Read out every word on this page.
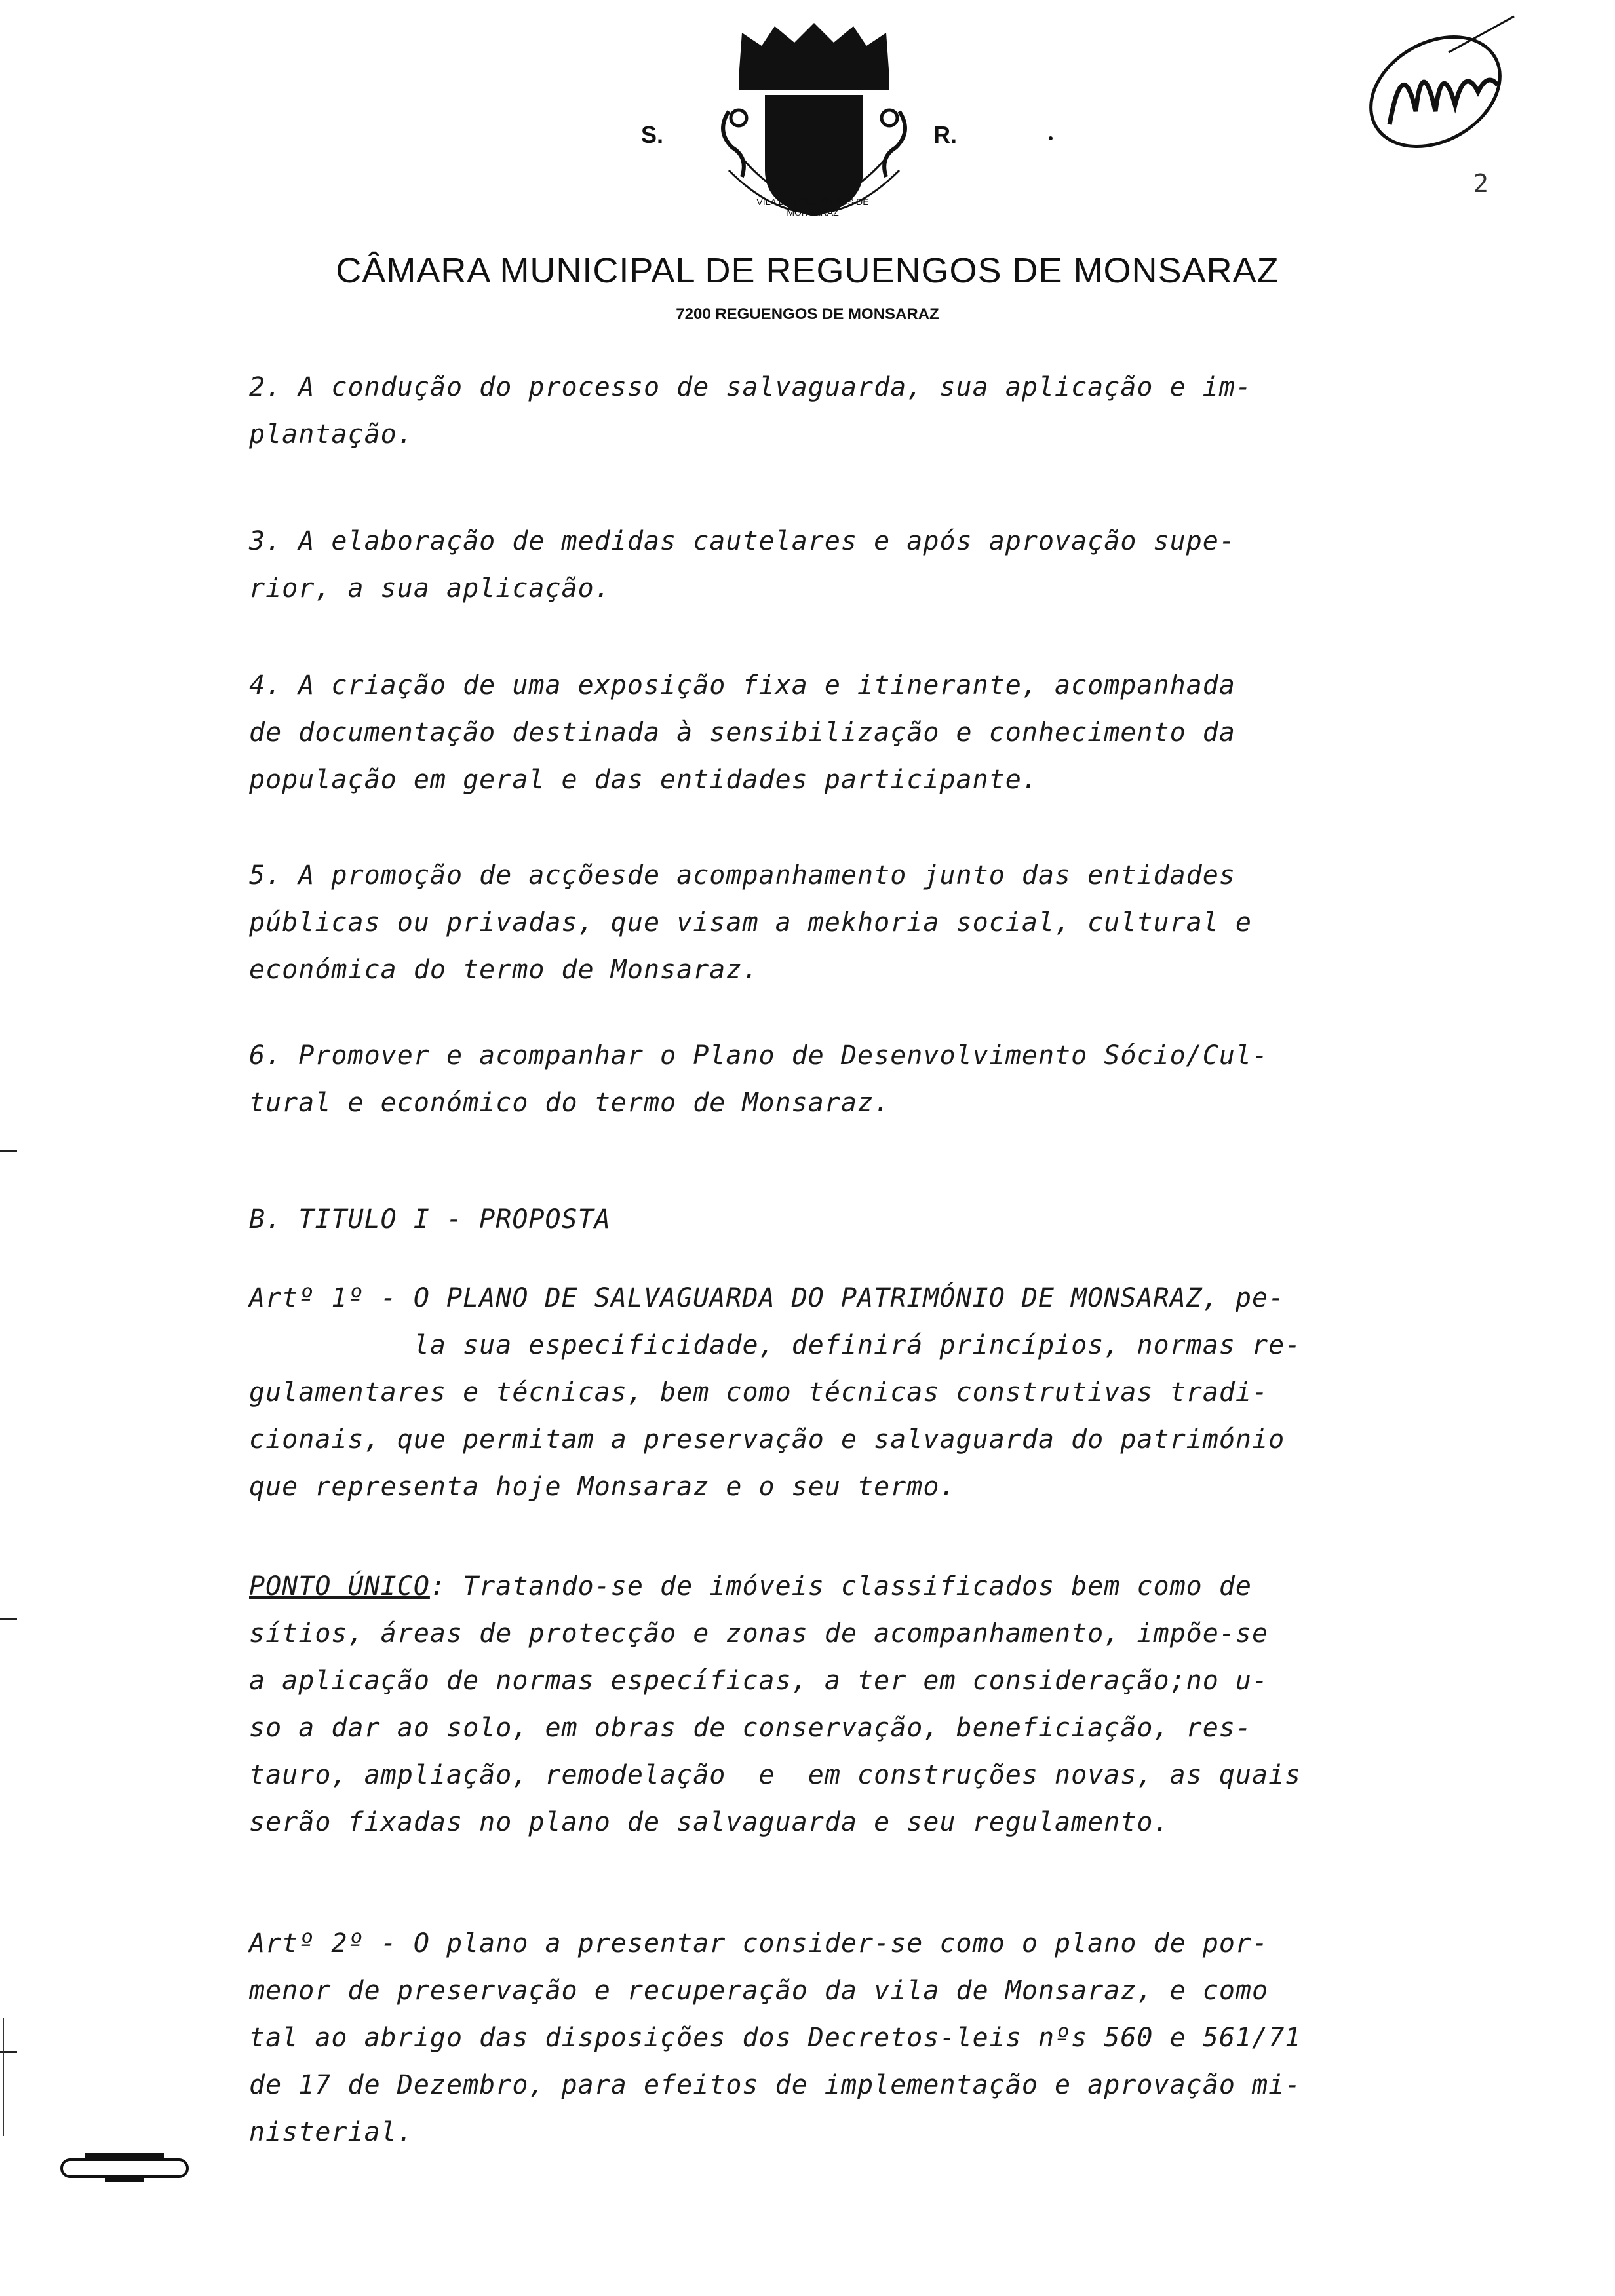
VILA DE REGUENGOS DE MONSARAZ
S.	R.
CÂMARA MUNICIPAL DE REGUENGOS DE MONSARAZ
7200 REGUENGOS DE MONSARAZ
2

2. A condução do processo de salvaguarda, sua aplicação e im-
plantação.

3. A elaboração de medidas cautelares e após aprovação supe-
rior, a sua aplicação.

4. A criação de uma exposição fixa e itinerante, acompanhada
de documentação destinada à sensibilização e conhecimento da
população em geral e das entidades participante.

5. A promoção de acçõesde acompanhamento junto das entidades
públicas ou privadas, que visam a mekhoria social, cultural e
económica do termo de Monsaraz.

6. Promover e acompanhar o Plano de Desenvolvimento Sócio/Cul-
tural e económico do termo de Monsaraz.

B. TITULO I - PROPOSTA

Artº 1º - O PLANO DE SALVAGUARDA DO PATRIMÓNIO DE MONSARAZ, pe-
la sua especificidade, definirá princípios, normas re-
gulamentares e técnicas, bem como técnicas construtivas tradi-
cionais, que permitam a preservação e salvaguarda do património
que representa hoje Monsaraz e o seu termo.

PONTO ÚNICO: Tratando-se de imóveis classificados bem como de
sítios, áreas de protecção e zonas de acompanhamento, impõe-se
a aplicação de normas específicas, a ter em consideração;no u-
so a dar ao solo, em obras de conservação, beneficiação, res-
tauro, ampliação, remodelação  e  em construções novas, as quais
serão fixadas no plano de salvaguarda e seu regulamento.

Artº 2º - O plano a presentar consider-se como o plano de por-
menor de preservação e recuperação da vila de Monsaraz, e como
tal ao abrigo das disposições dos Decretos-leis nºs 560 e 561/71
de 17 de Dezembro, para efeitos de implementação e aprovação mi-
nisterial.
